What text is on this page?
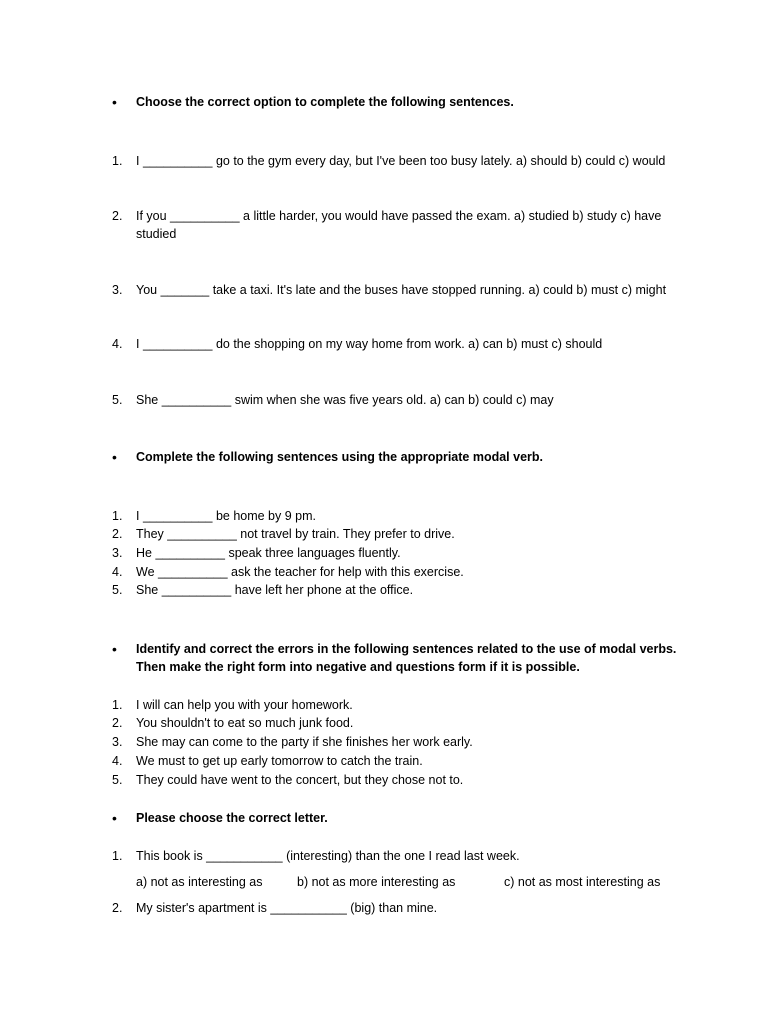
•	Choose the correct option to complete the following sentences.
1.	I __________ go to the gym every day, but I've been too busy lately. a) should b) could c) would
2.	If you __________ a little harder, you would have passed the exam. a) studied b) study c) have studied
3.	You _______ take a taxi. It's late and the buses have stopped running. a) could b) must c) might
4.	I __________ do the shopping on my way home from work. a) can b) must c) should
5.	She __________ swim when she was five years old. a) can b) could c) may
•	Complete the following sentences using the appropriate modal verb.
1.	I __________ be home by 9 pm.
2.	They __________ not travel by train. They prefer to drive.
3.	He __________ speak three languages fluently.
4.	We __________ ask the teacher for help with this exercise.
5.	She __________ have left her phone at the office.
•	Identify and correct the errors in the following sentences related to the use of modal verbs. Then make the right form into negative and questions form if it is possible.
1.	I will can help you with your homework.
2.	You shouldn't to eat so much junk food.
3.	She may can come to the party if she finishes her work early.
4.	We must to get up early tomorrow to catch the train.
5.	They could have went to the concert, but they chose not to.
•	Please choose the correct letter.
1.	This book is ___________ (interesting) than the one I read last week.
a) not as interesting as	b) not as more interesting as	c) not as most interesting as
2.	My sister's apartment is ___________ (big) than mine.
